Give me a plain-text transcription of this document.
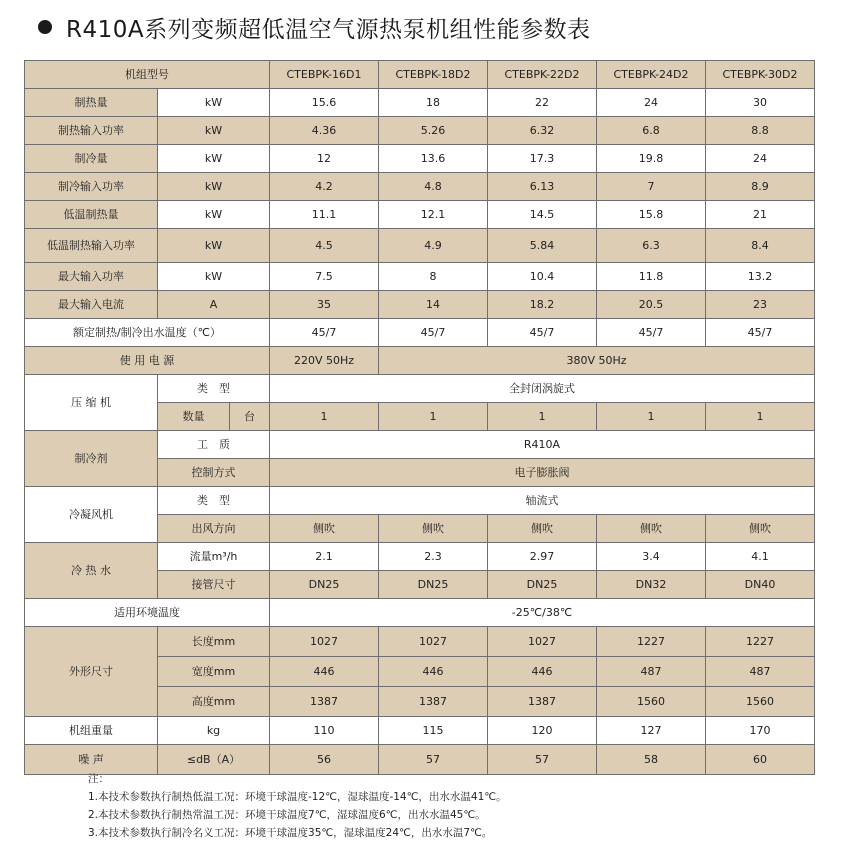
R410A系列变频超低温空气源热泵机组性能参数表
机组型号			CTEBPK-16D1	CTEBPK-18D2	CTEBPK-22D2	CTEBPK-24D2	CTEBPK-30D2
制热量	kW		15.6	18	22	24	30
制热输入功率	kW		4.36	5.26	6.32	6.8	8.8
制冷量	kW		12	13.6	17.3	19.8	24
制冷输入功率	kW		4.2	4.8	6.13	7	8.9
低温制热量	kW		11.1	12.1	14.5	15.8	21
低温制热输入功率	kW		4.5	4.9	5.84	6.3	8.4
最大输入功率	kW		7.5	8	10.4	11.8	13.2
最大输入电流	A		35	14	18.2	20.5	23
额定制热/制冷出水温度（℃）			45/7	45/7	45/7	45/7	45/7
使 用 电 源			220V 50Hz	380V 50Hz			
压 缩 机	类　型		全封闭涡旋式				
	数量	台	1	1	1	1	1
制冷剂	工　质		R410A				
	控制方式		电子膨胀阀				
冷凝风机	类　型		轴流式				
	出风方向		侧吹	侧吹	侧吹	侧吹	侧吹
冷 热 水	流量m³/h		2.1	2.3	2.97	3.4	4.1
	接管尺寸		DN25	DN25	DN25	DN32	DN40
适用环境温度			-25℃/38℃				
外形尺寸	长度mm		1027	1027	1027	1227	1227
	宽度mm		446	446	446	487	487
	高度mm		1387	1387	1387	1560	1560
机组重量	kg		110	115	120	127	170
噪 声	≤dB（A）		56	57	57	58	60
注：
1.本技术参数执行制热低温工况：环境干球温度-12℃，湿球温度-14℃，出水水温41℃。
2.本技术参数执行制热常温工况：环境干球温度7℃，湿球温度6℃，出水水温45℃。
3.本技术参数执行制冷名义工况：环境干球温度35℃，湿球温度24℃，出水水温7℃。
